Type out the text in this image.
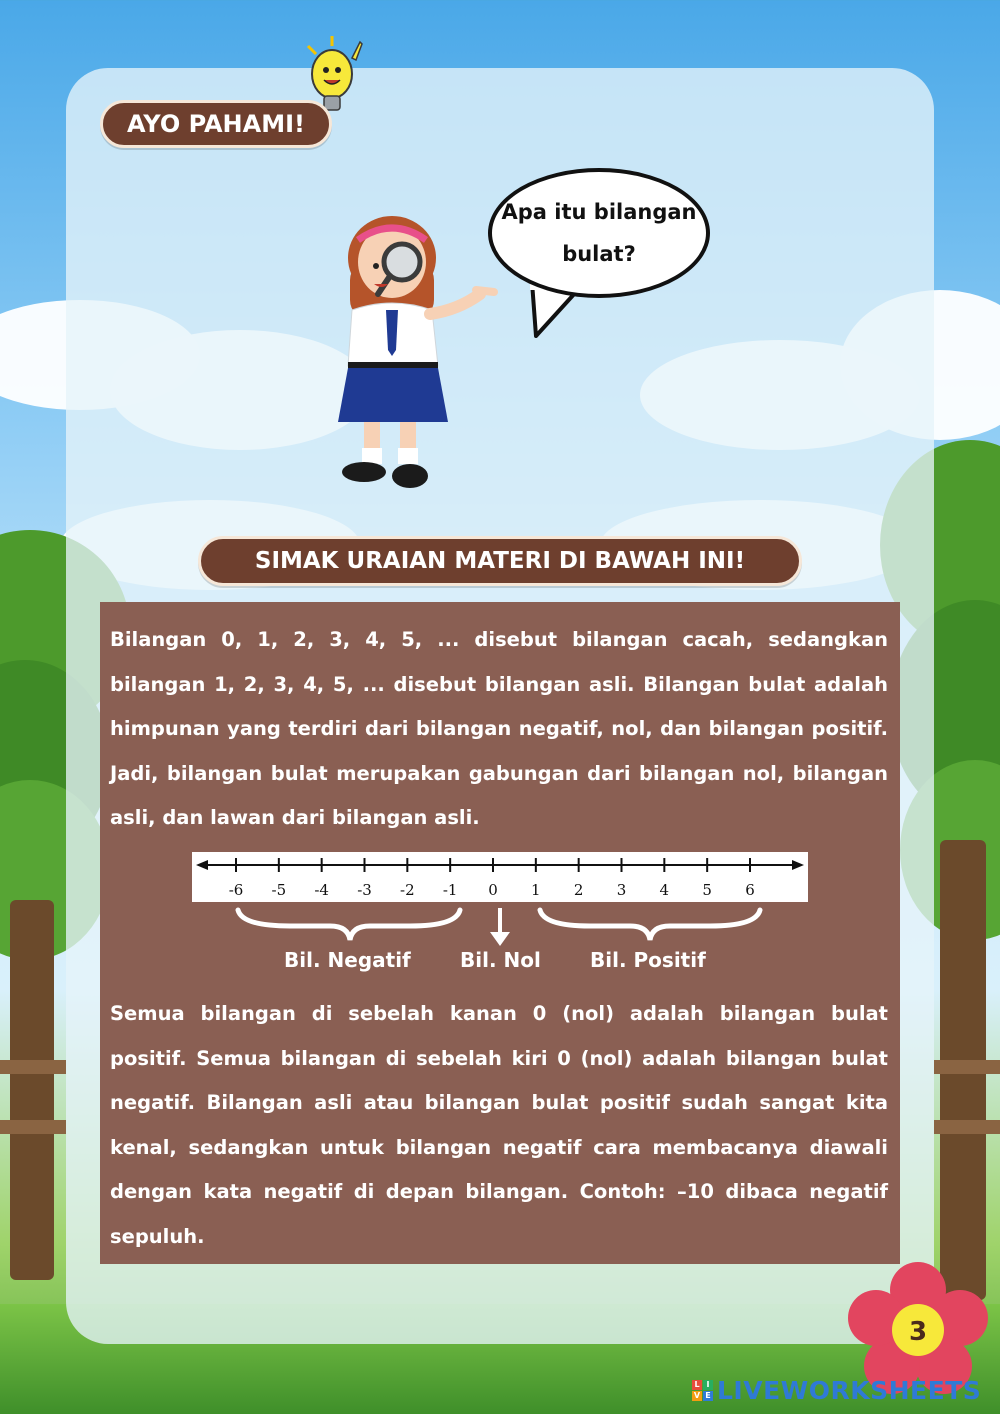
AYO PAHAMI!
Apa itu bilangan
bulat?
SIMAK URAIAN MATERI DI BAWAH INI!

Bilangan 0, 1, 2, 3, 4, 5, ... disebut bilangan cacah, sedangkan bilangan 1, 2, 3, 4, 5, ... disebut bilangan asli. Bilangan bulat adalah himpunan yang terdiri dari bilangan negatif, nol, dan bilangan positif. Jadi, bilangan bulat merupakan gabungan dari bilangan nol, bilangan asli, dan lawan dari bilangan asli.

-6 -5 -4 -3 -2 -1 0 1 2 3 4 5 6
Bil. Negatif Bil. Nol Bil. Positif

Semua bilangan di sebelah kanan 0 (nol) adalah bilangan bulat positif. Semua bilangan di sebelah kiri 0 (nol) adalah bilangan bulat negatif. Bilangan asli atau bilangan bulat positif sudah sangat kita kenal, sedangkan untuk bilangan negatif cara membacanya diawali dengan kata negatif di depan bilangan. Contoh: –10 dibaca negatif sepuluh.

3
L I
V E LIVEWORKSHEETS
